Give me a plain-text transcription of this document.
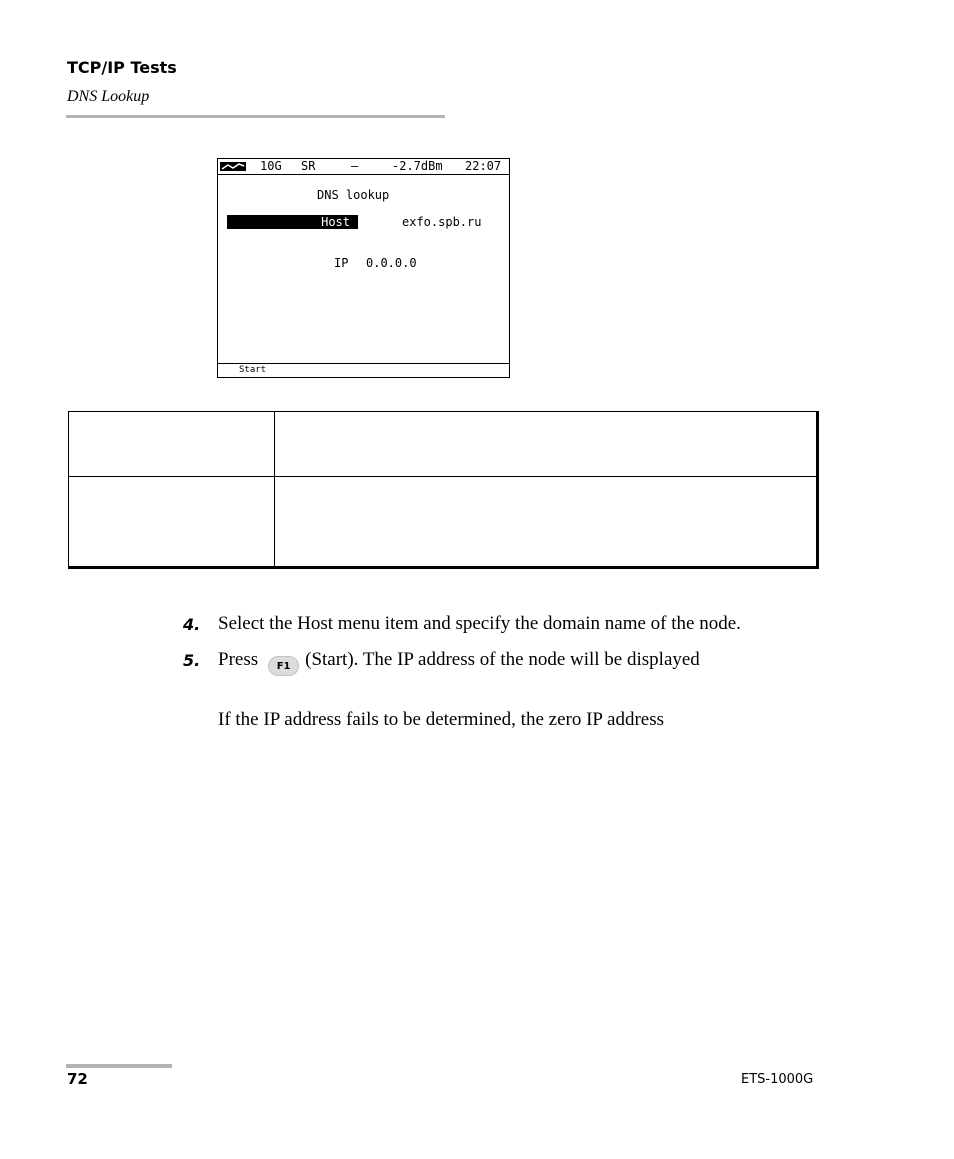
TCP/IP Tests
DNS Lookup
10G SR	–	-2.7dBm 22:07
DNS lookup
Host	exfo.spb.ru
IP 0.0.0.0
Start
4. Select the Host menu item and specify the domain name of the node.
5. Press F1 (Start). The IP address of the node will be displayed
If the IP address fails to be determined, the zero IP address
72	ETS-1000G
